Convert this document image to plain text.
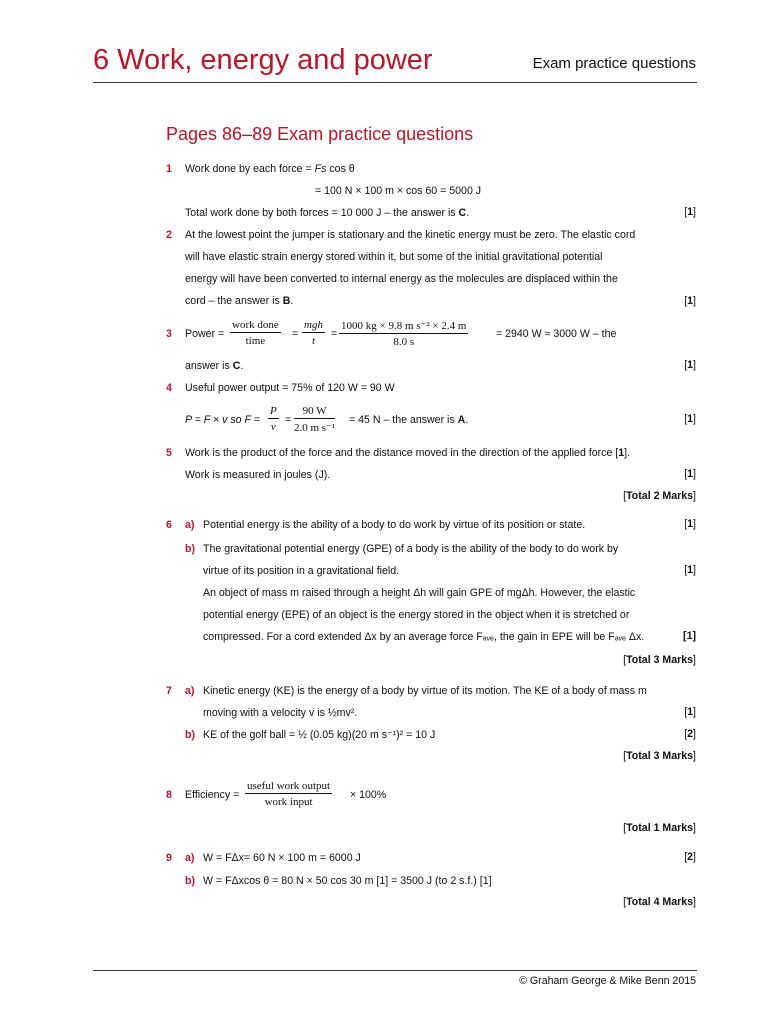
6 Work, energy and power	Exam practice questions
Pages 86–89 Exam practice questions
1 Work done by each force = Fs cos θ
= 100 N × 100 m × cos 60 = 5000 J
Total work done by both forces = 10 000 J – the answer is C.	[1]
2 At the lowest point the jumper is stationary and the kinetic energy must be zero. The elastic cord
will have elastic strain energy stored within it, but some of the initial gravitational potential
energy will have been converted to internal energy as the molecules are displaced within the
cord – the answer is B.	[1]
3 Power =
work done
time
=
mgh
t
= $\frac{\text{1000 kg × 9.8 m s⁻² × 2.4 m}}{8.0 s}$	= 2940 W ≈ 3000 W – the
answer is C.	[1]
4 Useful power output = 75% of 120 W = 90 W
P = F × v so $F = \frac{P}{v} = \frac{90 W}{\text{2.0 m s⁻¹}} = 45$ N – the answer is A.	[1]
5 Work is the product of the force and the distance moved in the direction of the applied force [1].
Work is measured in joules (J).	[1]
[Total 2 Marks]
6 a) Potential energy is the ability of a body to do work by virtue of its position or state.	[1]
b) The gravitational potential energy (GPE) of a body is the ability of the body to do work by
virtue of its position in a gravitational field.	[1]
An object of mass m raised through a height Δh will gain GPE of mgΔh. However, the elastic
potential energy (EPE) of an object is the energy stored in the object when it is stretched or
compressed. For a cord extended Δx by an average force Fₐᵥₑ, the gain in EPE will be Fₐᵥₑ Δx.	[1]
[Total 3 Marks]
7 a) Kinetic energy (KE) is the energy of a body by virtue of its motion. The KE of a body of mass m
moving with a velocity v is ½mv².	[1]
b) KE of the golf ball = ½ (0.05 kg)(20 m s⁻¹)² = 10 J	[2]
[Total 3 Marks]
8 Efficiency =
useful work output
work input
× 100%
[Total 1 Marks]
9 a) W = FΔx= 60 N × 100 m = 6000 J	[2]
b) W = FΔxcos θ = 80 N × 50 cos 30 m [1] = 3500 J (to 2 s.f.) [1]
[Total 4 Marks]
© Graham George & Mike Benn 2015
